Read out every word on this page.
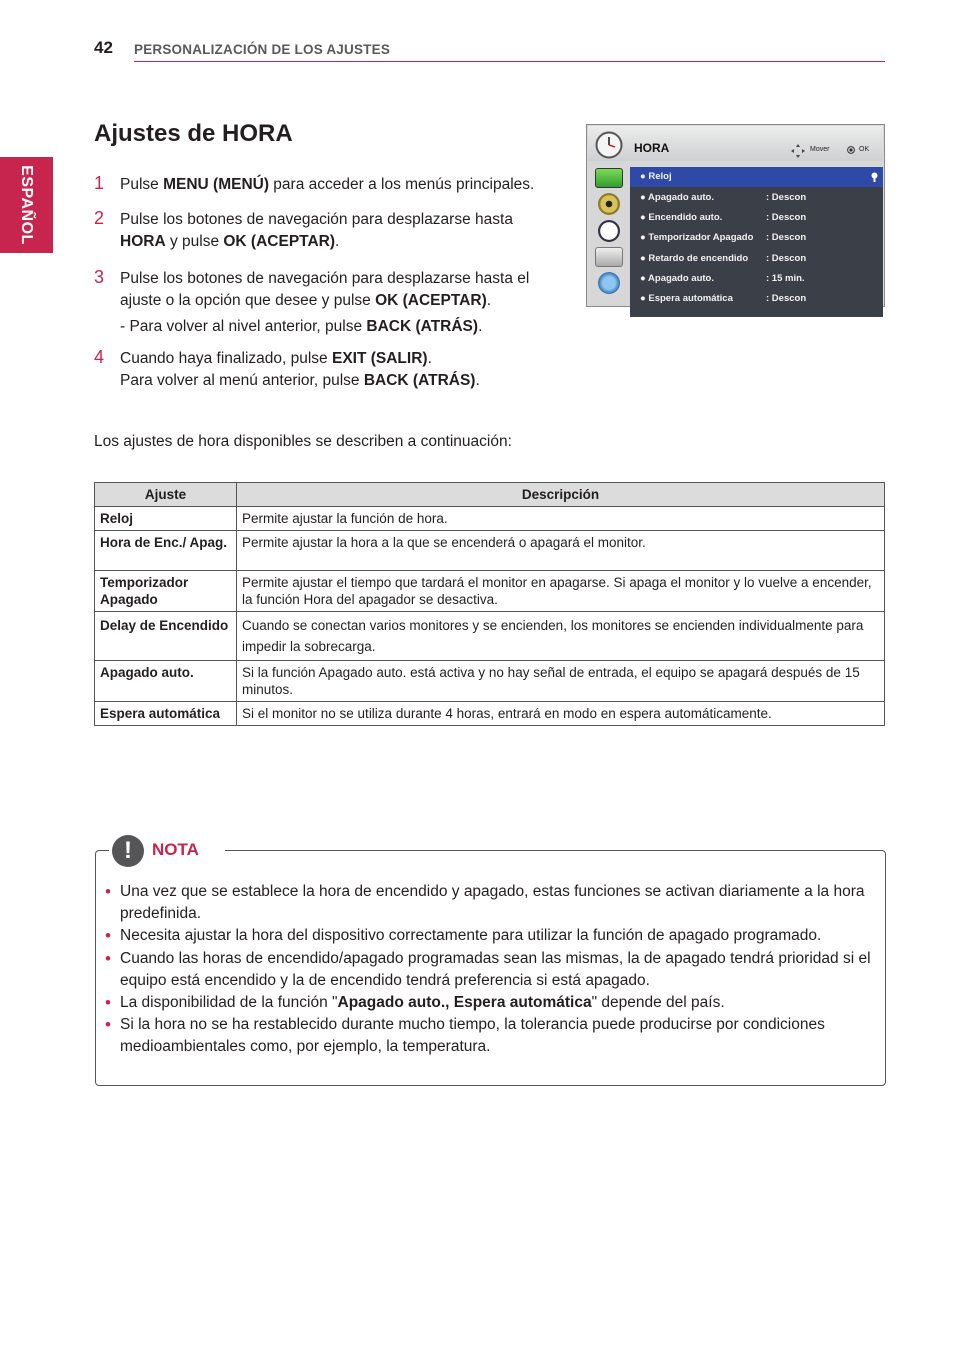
42 PERSONALIZACIÓN DE LOS AJUSTES
ESPAÑOL
Ajustes de HORA
1 Pulse MENU (MENÚ) para acceder a los menús principales.
2 Pulse los botones de navegación para desplazarse hasta
HORA y pulse OK (ACEPTAR).
3 Pulse los botones de navegación para desplazarse hasta el
ajuste o la opción que desee y pulse OK (ACEPTAR).
- Para volver al nivel anterior, pulse BACK (ATRÁS).
4 Cuando haya finalizado, pulse EXIT (SALIR).
Para volver al menú anterior, pulse BACK (ATRÁS).
HORA	Mover	OK
● Reloj
● Apagado auto.	: Descon
● Encendido auto.	: Descon
● Temporizador Apagado : Descon
● Retardo de encendido : Descon
● Apagado auto.	: 15 min.
● Espera automática	: Descon
Los ajustes de hora disponibles se describen a continuación:
Ajuste	Descripción
Reloj	Permite ajustar la función de hora.
Hora de Enc./ Apag.	Permite ajustar la hora a la que se encenderá o apagará el monitor.
Temporizador Apagado	Permite ajustar el tiempo que tardará el monitor en apagarse. Si apaga el monitor y lo vuelve a encender, la función Hora del apagador se desactiva.
Delay de Encendido	Cuando se conectan varios monitores y se encienden, los monitores se encienden individualmente para impedir la sobrecarga.
Apagado auto.	Si la función Apagado auto. está activa y no hay señal de entrada, el equipo se apagará después de 15 minutos.
Espera automática	Si el monitor no se utiliza durante 4 horas, entrará en modo en espera automáticamente.
!	NOTA
• Una vez que se establece la hora de encendido y apagado, estas funciones se activan diariamente a la hora predefinida.
• Necesita ajustar la hora del dispositivo correctamente para utilizar la función de apagado programado.
• Cuando las horas de encendido/apagado programadas sean las mismas, la de apagado tendrá prioridad si el equipo está encendido y la de encendido tendrá preferencia si está apagado.
• La disponibilidad de la función "Apagado auto., Espera automática" depende del país.
• Si la hora no se ha restablecido durante mucho tiempo, la tolerancia puede producirse por condiciones medioambientales como, por ejemplo, la temperatura.
